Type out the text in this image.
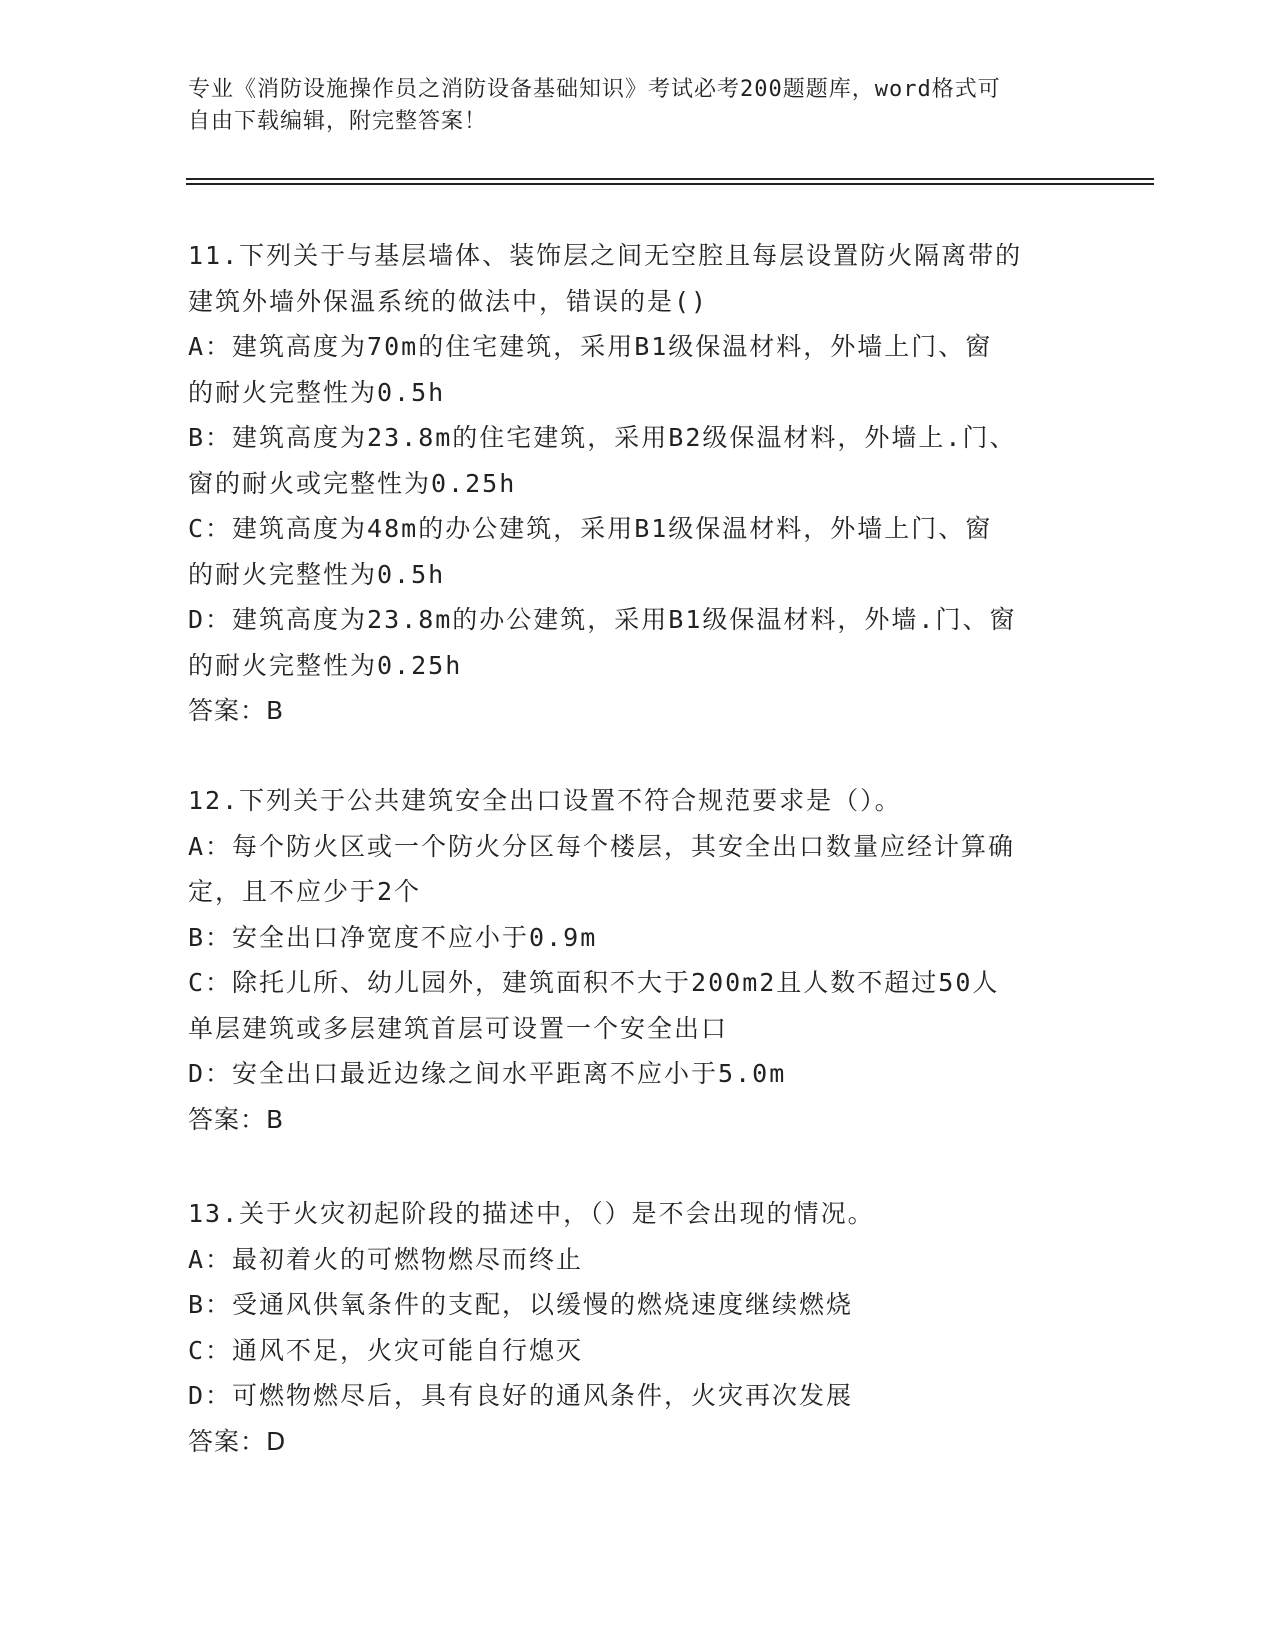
专业《消防设施操作员之消防设备基础知识》考试必考200题题库，word格式可
自由下载编辑，附完整答案！
11.下列关于与基层墙体、装饰层之间无空腔且每层设置防火隔离带的
建筑外墙外保温系统的做法中，错误的是()
A：建筑高度为70m的住宅建筑，采用B1级保温材料，外墙上门、窗
的耐火完整性为0.5h
B：建筑高度为23.8m的住宅建筑，采用B2级保温材料，外墙上.门、
窗的耐火或完整性为0.25h
C：建筑高度为48m的办公建筑，采用B1级保温材料，外墙上门、窗
的耐火完整性为0.5h
D：建筑高度为23.8m的办公建筑，采用B1级保温材料，外墙.门、窗
的耐火完整性为0.25h
答案：B
12.下列关于公共建筑安全出口设置不符合规范要求是（）。
A：每个防火区或一个防火分区每个楼层，其安全出口数量应经计算确
定，且不应少于2个
B：安全出口净宽度不应小于0.9m
C：除托儿所、幼儿园外，建筑面积不大于200m2且人数不超过50人
单层建筑或多层建筑首层可设置一个安全出口
D：安全出口最近边缘之间水平距离不应小于5.0m
答案：B
13.关于火灾初起阶段的描述中，（）是不会出现的情况。
A：最初着火的可燃物燃尽而终止
B：受通风供氧条件的支配，以缓慢的燃烧速度继续燃烧
C：通风不足，火灾可能自行熄灭
D：可燃物燃尽后，具有良好的通风条件，火灾再次发展
答案：D
